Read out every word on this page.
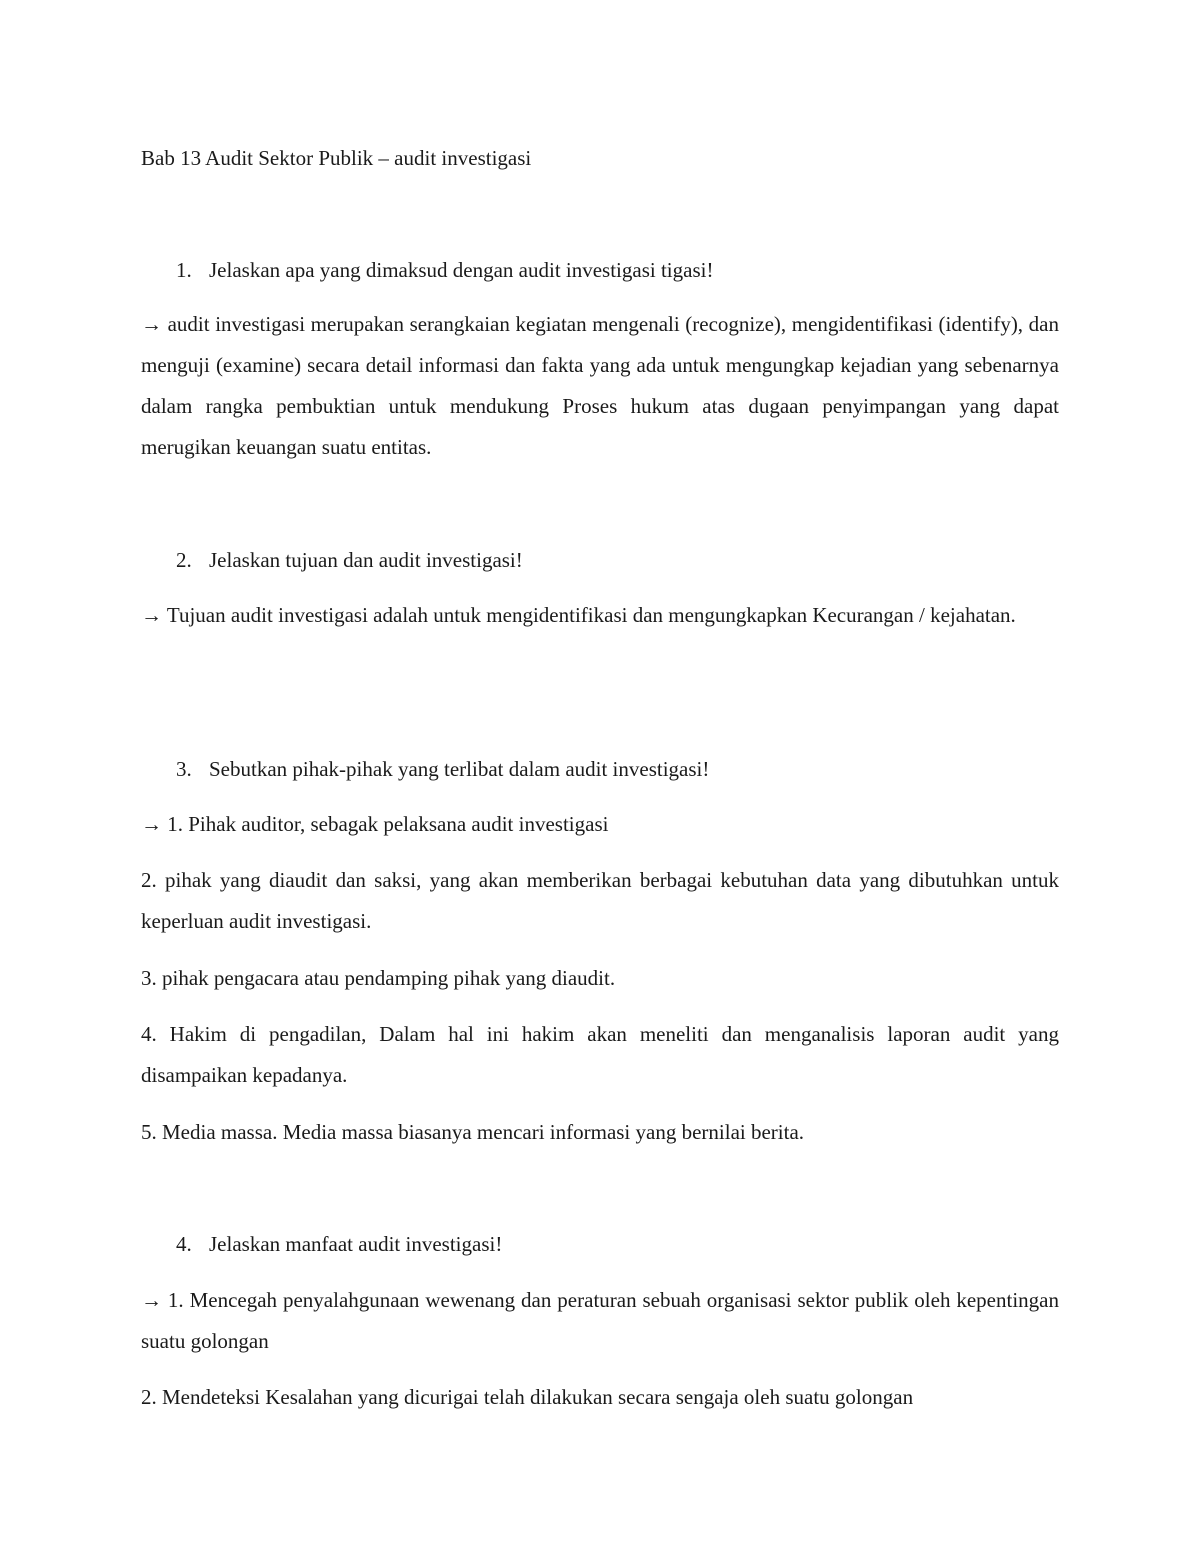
Bab 13 Audit Sektor Publik – audit investigasi

1. Jelaskan apa yang dimaksud dengan audit investigasi tigasi!

→ audit investigasi merupakan serangkaian kegiatan mengenali (recognize), mengidentifikasi (identify), dan menguji (examine) secara detail informasi dan fakta yang ada untuk mengungkap kejadian yang sebenarnya dalam rangka pembuktian untuk mendukung Proses hukum atas dugaan penyimpangan yang dapat merugikan keuangan suatu entitas.

2. Jelaskan tujuan dan audit investigasi!

→ Tujuan audit investigasi adalah untuk mengidentifikasi dan mengungkapkan Kecurangan / kejahatan.

3. Sebutkan pihak-pihak yang terlibat dalam audit investigasi!

→ 1. Pihak auditor, sebagak pelaksana audit investigasi

2. pihak yang diaudit dan saksi, yang akan memberikan berbagai kebutuhan data yang dibutuhkan untuk keperluan audit investigasi.

3. pihak pengacara atau pendamping pihak yang diaudit.

4. Hakim di pengadilan, Dalam hal ini hakim akan meneliti dan menganalisis laporan audit yang disampaikan kepadanya.

5. Media massa. Media massa biasanya mencari informasi yang bernilai berita.

4. Jelaskan manfaat audit investigasi!

→ 1. Mencegah penyalahgunaan wewenang dan peraturan sebuah organisasi sektor publik oleh kepentingan suatu golongan

2. Mendeteksi Kesalahan yang dicurigai telah dilakukan secara sengaja oleh suatu golongan
